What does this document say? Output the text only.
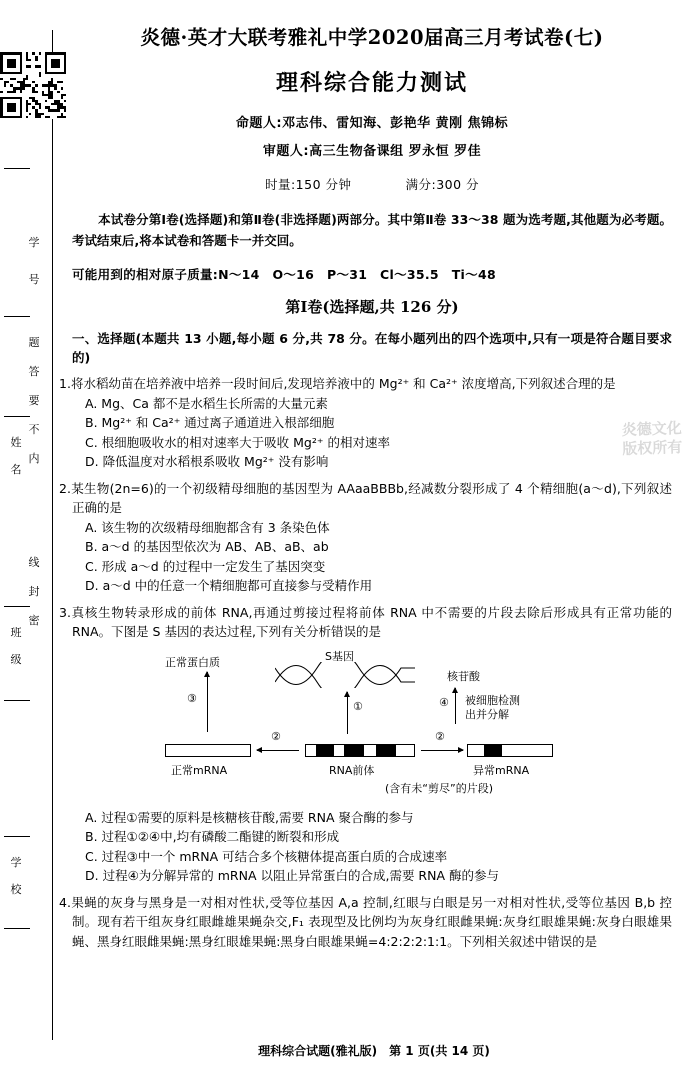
学
号
题
答
要
不
内
线
封
密
姓
名
班
级
学
校
炎德·英才大联考雅礼中学2020届高三月考试卷(七)
理科综合能力测试
命题人:邓志伟、雷知海、彭艳华 黄刚 焦锦标
审题人:高三生物备课组 罗永恒 罗佳
时量:150 分钟	满分:300 分
本试卷分第Ⅰ卷(选择题)和第Ⅱ卷(非选择题)两部分。其中第Ⅱ卷 33～38 题为选考题,其他题为必考题。考试结束后,将本试卷和答题卡一并交回。
可能用到的相对原子质量:N～14　O～16　P～31　Cl～35.5　Ti～48
第Ⅰ卷(选择题,共 126 分)
一、选择题(本题共 13 小题,每小题 6 分,共 78 分。在每小题列出的四个选项中,只有一项是符合题目要求的)
1.将水稻幼苗在培养液中培养一段时间后,发现培养液中的 Mg²⁺ 和 Ca²⁺ 浓度增高,下列叙述合理的是
A. Mg、Ca 都不是水稻生长所需的大量元素
B. Mg²⁺ 和 Ca²⁺ 通过离子通道进入根部细胞
C. 根细胞吸收水的相对速率大于吸收 Mg²⁺ 的相对速率
D. 降低温度对水稻根系吸收 Mg²⁺ 没有影响
2.某生物(2n=6)的一个初级精母细胞的基因型为 AAaaBBBb,经减数分裂形成了 4 个精细胞(a～d),下列叙述正确的是
A. 该生物的次级精母细胞都含有 3 条染色体
B. a～d 的基因型依次为 AB、AB、aB、ab
C. 形成 a～d 的过程中一定发生了基因突变
D. a～d 中的任意一个精细胞都可直接参与受精作用
3.真核生物转录形成的前体 RNA,再通过剪接过程将前体 RNA 中不需要的片段去除后形成具有正常功能的 RNA。下图是 S 基因的表达过程,下列有关分析错误的是
S基因
正常蛋白质
③
核苷酸
①	④ 被细胞检测
出并分解
②	②
正常mRNA	RNA前体	异常mRNA
(含有未“剪尽”的片段)
A. 过程①需要的原料是核糖核苷酸,需要 RNA 聚合酶的参与
B. 过程①②④中,均有磷酸二酯键的断裂和形成
C. 过程③中一个 mRNA 可结合多个核糖体提高蛋白质的合成速率
D. 过程④为分解异常的 mRNA 以阻止异常蛋白的合成,需要 RNA 酶的参与
4.果蝇的灰身与黑身是一对相对性状,受等位基因 A,a 控制,红眼与白眼是另一对相对性状,受等位基因 B,b 控制。现有若干组灰身红眼雌雄果蝇杂交,F₁ 表现型及比例均为灰身红眼雌果蝇:灰身红眼雄果蝇:灰身白眼雄果蝇、黑身红眼雌果蝇:黑身红眼雄果蝇:黑身白眼雄果蝇=4:2:2:2:1:1。下列相关叙述中错误的是
炎德文化
版权所有
理科综合试题(雅礼版) 第 1 页(共 14 页)
